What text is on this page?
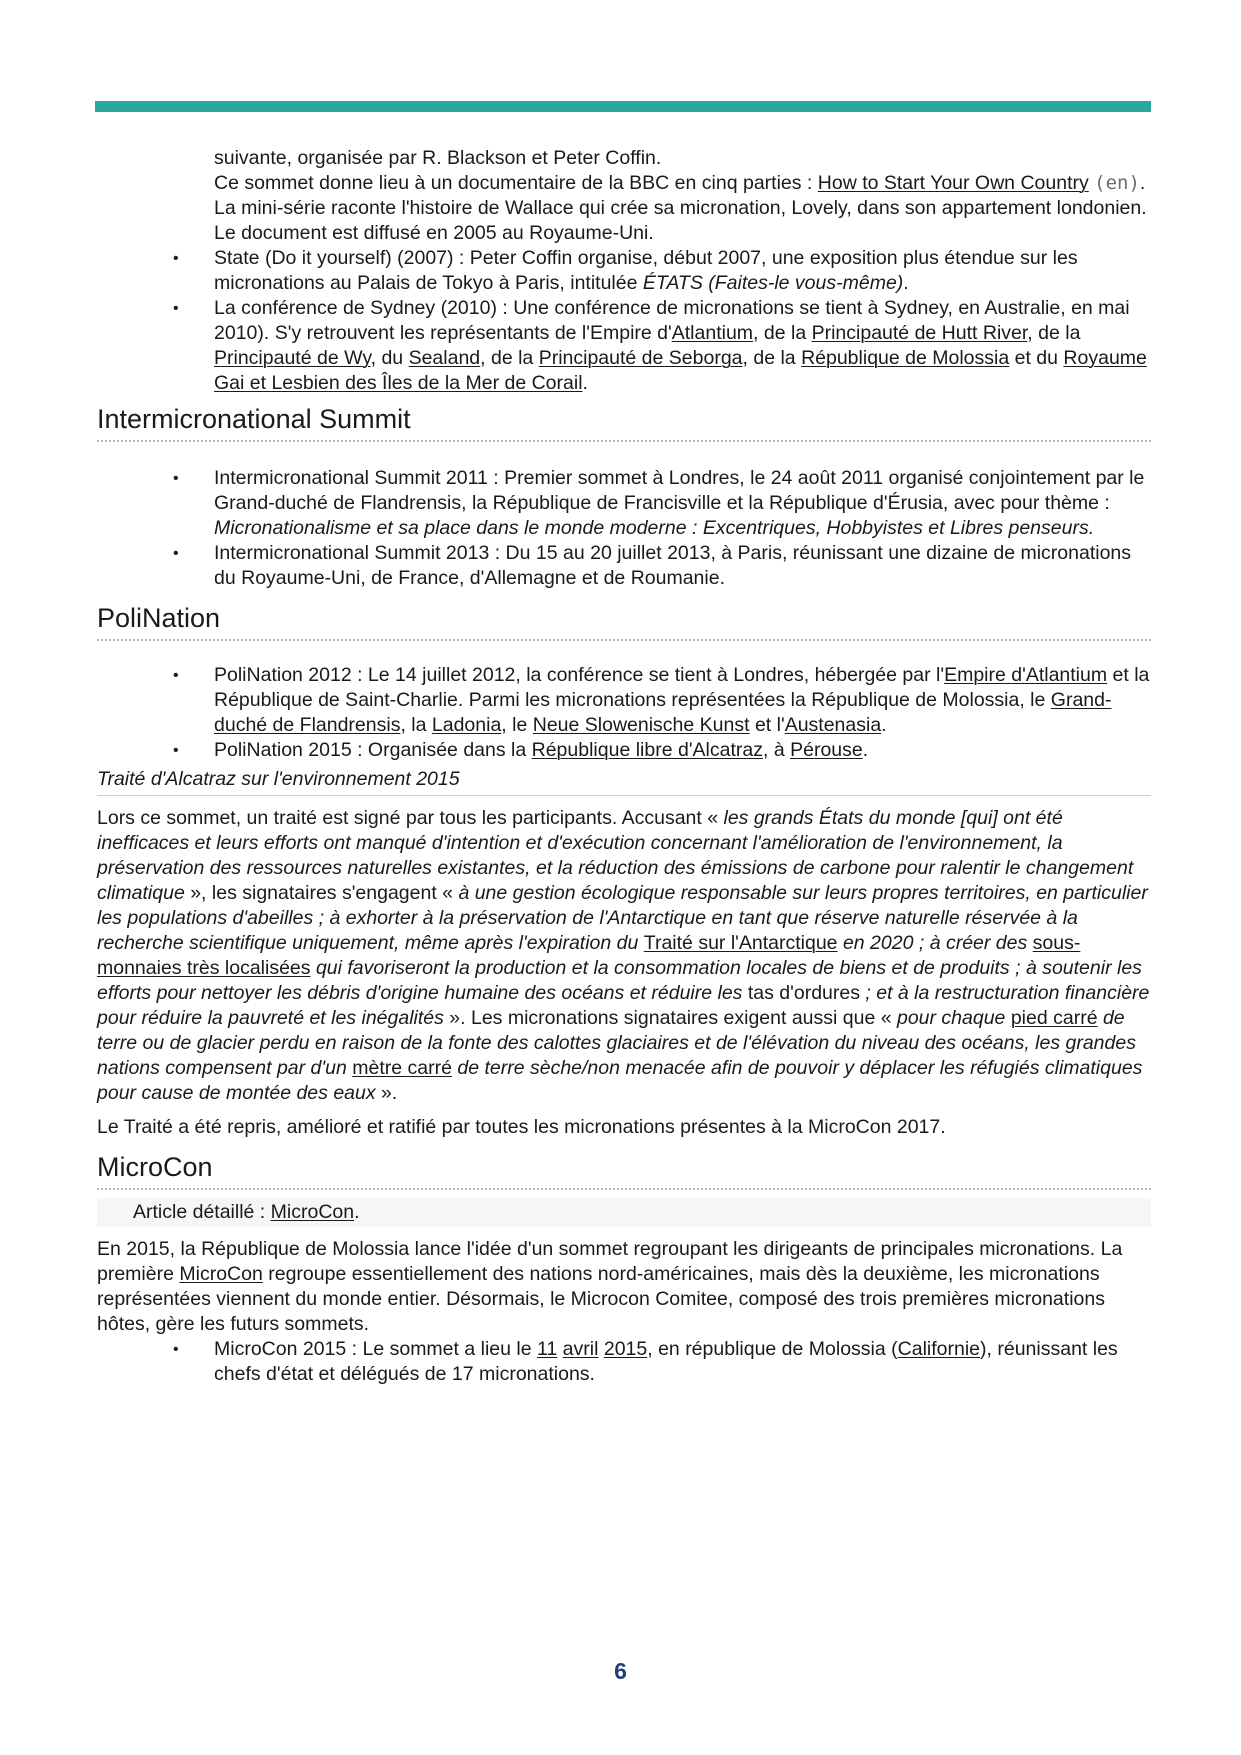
suivante, organisée par R. Blackson et Peter Coffin.

Ce sommet donne lieu à un documentaire de la BBC en cinq parties : How to Start Your Own Country (en). La mini-série raconte l'histoire de Wallace qui crée sa micronation, Lovely, dans son appartement londonien. Le document est diffusé en 2005 au Royaume-Uni.

• State (Do it yourself) (2007) : Peter Coffin organise, début 2007, une exposition plus étendue sur les micronations au Palais de Tokyo à Paris, intitulée ÉTATS (Faites-le vous-même).
• La conférence de Sydney (2010) : Une conférence de micronations se tient à Sydney, en Australie, en mai 2010). S'y retrouvent les représentants de l'Empire d'Atlantium, de la Principauté de Hutt River, de la Principauté de Wy, du Sealand, de la Principauté de Seborga, de la République de Molossia et du Royaume Gai et Lesbien des Îles de la Mer de Corail.
Intermicronational Summit
• Intermicronational Summit 2011 : Premier sommet à Londres, le 24 août 2011 organisé conjointement par le Grand-duché de Flandrensis, la République de Francisville et la République d'Érusia, avec pour thème : Micronationalisme et sa place dans le monde moderne : Excentriques, Hobbyistes et Libres penseurs.
• Intermicronational Summit 2013 : Du 15 au 20 juillet 2013, à Paris, réunissant une dizaine de micronations du Royaume-Uni, de France, d'Allemagne et de Roumanie.
PoliNation
• PoliNation 2012 : Le 14 juillet 2012, la conférence se tient à Londres, hébergée par l'Empire d'Atlantium et la République de Saint-Charlie. Parmi les micronations représentées la République de Molossia, le Grand-duché de Flandrensis, la Ladonia, le Neue Slowenische Kunst et l'Austenasia.
• PoliNation 2015 : Organisée dans la République libre d'Alcatraz, à Pérouse.
Traité d'Alcatraz sur l'environnement 2015

Lors ce sommet, un traité est signé par tous les participants. Accusant « les grands États du monde [qui] ont été inefficaces et leurs efforts ont manqué d'intention et d'exécution concernant l'amélioration de l'environnement, la préservation des ressources naturelles existantes, et la réduction des émissions de carbone pour ralentir le changement climatique », les signataires s'engagent « à une gestion écologique responsable sur leurs propres territoires, en particulier les populations d'abeilles ; à exhorter à la préservation de l'Antarctique en tant que réserve naturelle réservée à la recherche scientifique uniquement, même après l'expiration du Traité sur l'Antarctique en 2020 ; à créer des sous-monnaies très localisées qui favoriseront la production et la consommation locales de biens et de produits ; à soutenir les efforts pour nettoyer les débris d'origine humaine des océans et réduire les tas d'ordures ; et à la restructuration financière pour réduire la pauvreté et les inégalités ». Les micronations signataires exigent aussi que « pour chaque pied carré de terre ou de glacier perdu en raison de la fonte des calottes glaciaires et de l'élévation du niveau des océans, les grandes nations compensent par d'un mètre carré de terre sèche/non menacée afin de pouvoir y déplacer les réfugiés climatiques pour cause de montée des eaux ».

Le Traité a été repris, amélioré et ratifié par toutes les micronations présentes à la MicroCon 2017.

MicroCon
Article détaillé : MicroCon.

En 2015, la République de Molossia lance l'idée d'un sommet regroupant les dirigeants de principales micronations. La première MicroCon regroupe essentiellement des nations nord-américaines, mais dès la deuxième, les micronations représentées viennent du monde entier. Désormais, le Microcon Comitee, composé des trois premières micronations hôtes, gère les futurs sommets.

• MicroCon 2015 : Le sommet a lieu le 11 avril 2015, en république de Molossia (Californie), réunissant les chefs d'état et délégués de 17 micronations.
6
